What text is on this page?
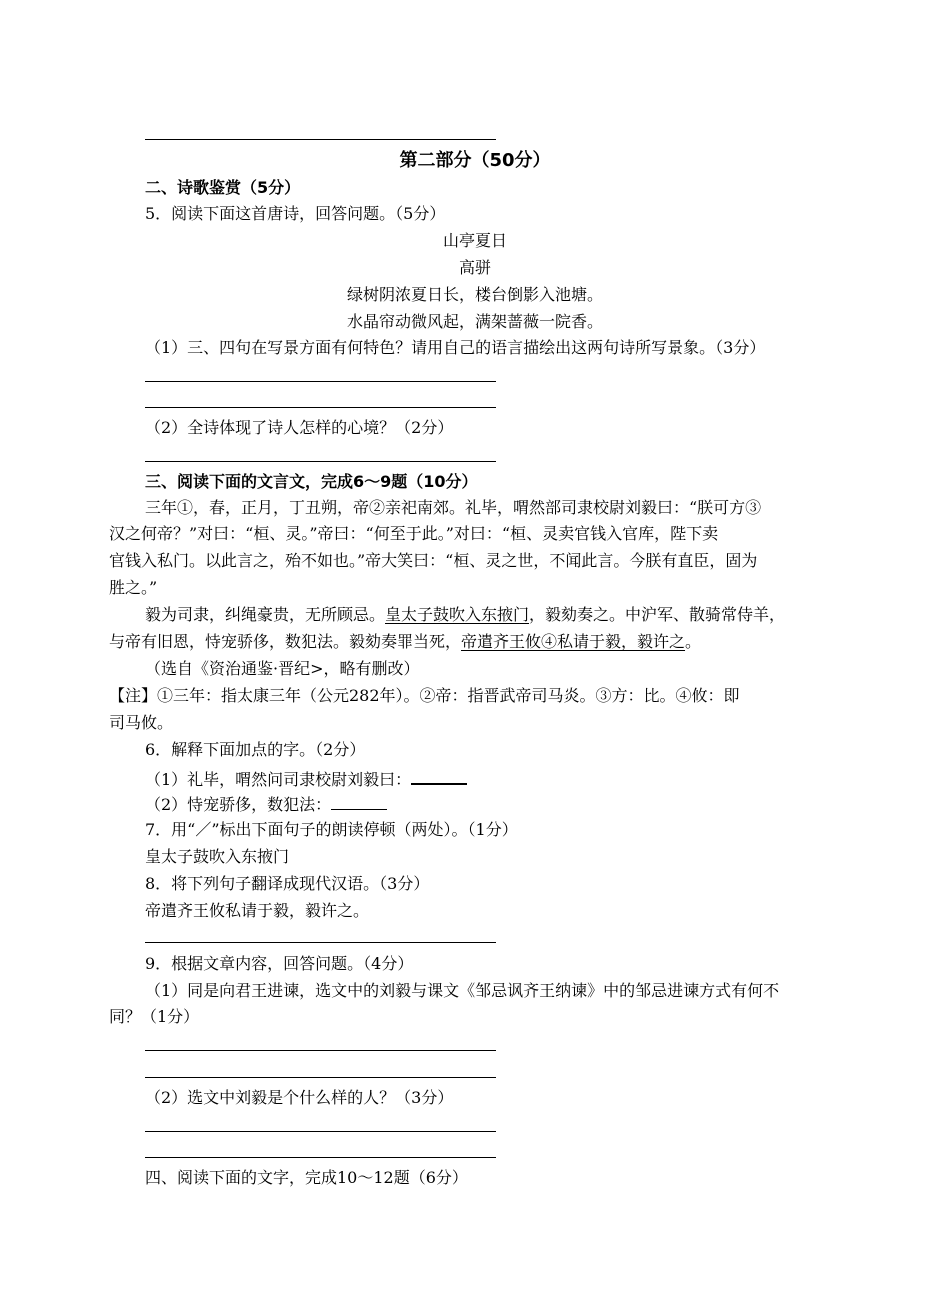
第二部分（50分）
二、诗歌鉴赏（5分）
5．阅读下面这首唐诗，回答问题。（5分）
山亭夏日
高骈
绿树阴浓夏日长，楼台倒影入池塘。
水晶帘动微风起，满架蔷薇一院香。
（1）三、四句在写景方面有何特色？请用自己的语言描绘出这两句诗所写景象。（3分）
（2）全诗体现了诗人怎样的心境？（2分）
三、阅读下面的文言文，完成6～9题（10分）
三年①，春，正月，丁丑朔，帝②亲祀南郊。礼毕，喟然部司隶校尉刘毅曰：“朕可方③
汉之何帝？”对曰：“桓、灵。”帝曰：“何至于此。”对曰：“桓、灵卖官钱入官库，陛下卖
官钱入私门。以此言之，殆不如也。”帝大笑曰：“桓、灵之世，不闻此言。今朕有直臣，固为
胜之。”
毅为司隶，纠绳豪贵，无所顾忌。皇太子鼓吹入东掖门，毅劾奏之。中沪军、散骑常侍羊，
与帝有旧恩，恃宠骄侈，数犯法。毅劾奏罪当死，帝遣齐王攸④私请于毅，毅许之。
（选自《资治通鉴·晋纪>，略有删改）
【注】①三年：指太康三年（公元282年）。②帝：指晋武帝司马炎。③方：比。④攸：即
司马攸。
6．解释下面加点的字。（2分）
（1）礼毕，喟然问司隶校尉刘毅曰：
（2）恃宠骄侈，数犯法：
7．用“／”标出下面句子的朗读停顿（两处）。（1分）
皇太子鼓吹入东掖门
8．将下列句子翻译成现代汉语。（3分）
帝遣齐王攸私请于毅，毅许之。
9．根据文章内容，回答问题。（4分）
（1）同是向君王进谏，选文中的刘毅与课文《邹忌讽齐王纳谏》中的邹忌进谏方式有何不
同？（1分）
（2）选文中刘毅是个什么样的人？（3分）
四、阅读下面的文字，完成10～12题（6分）
